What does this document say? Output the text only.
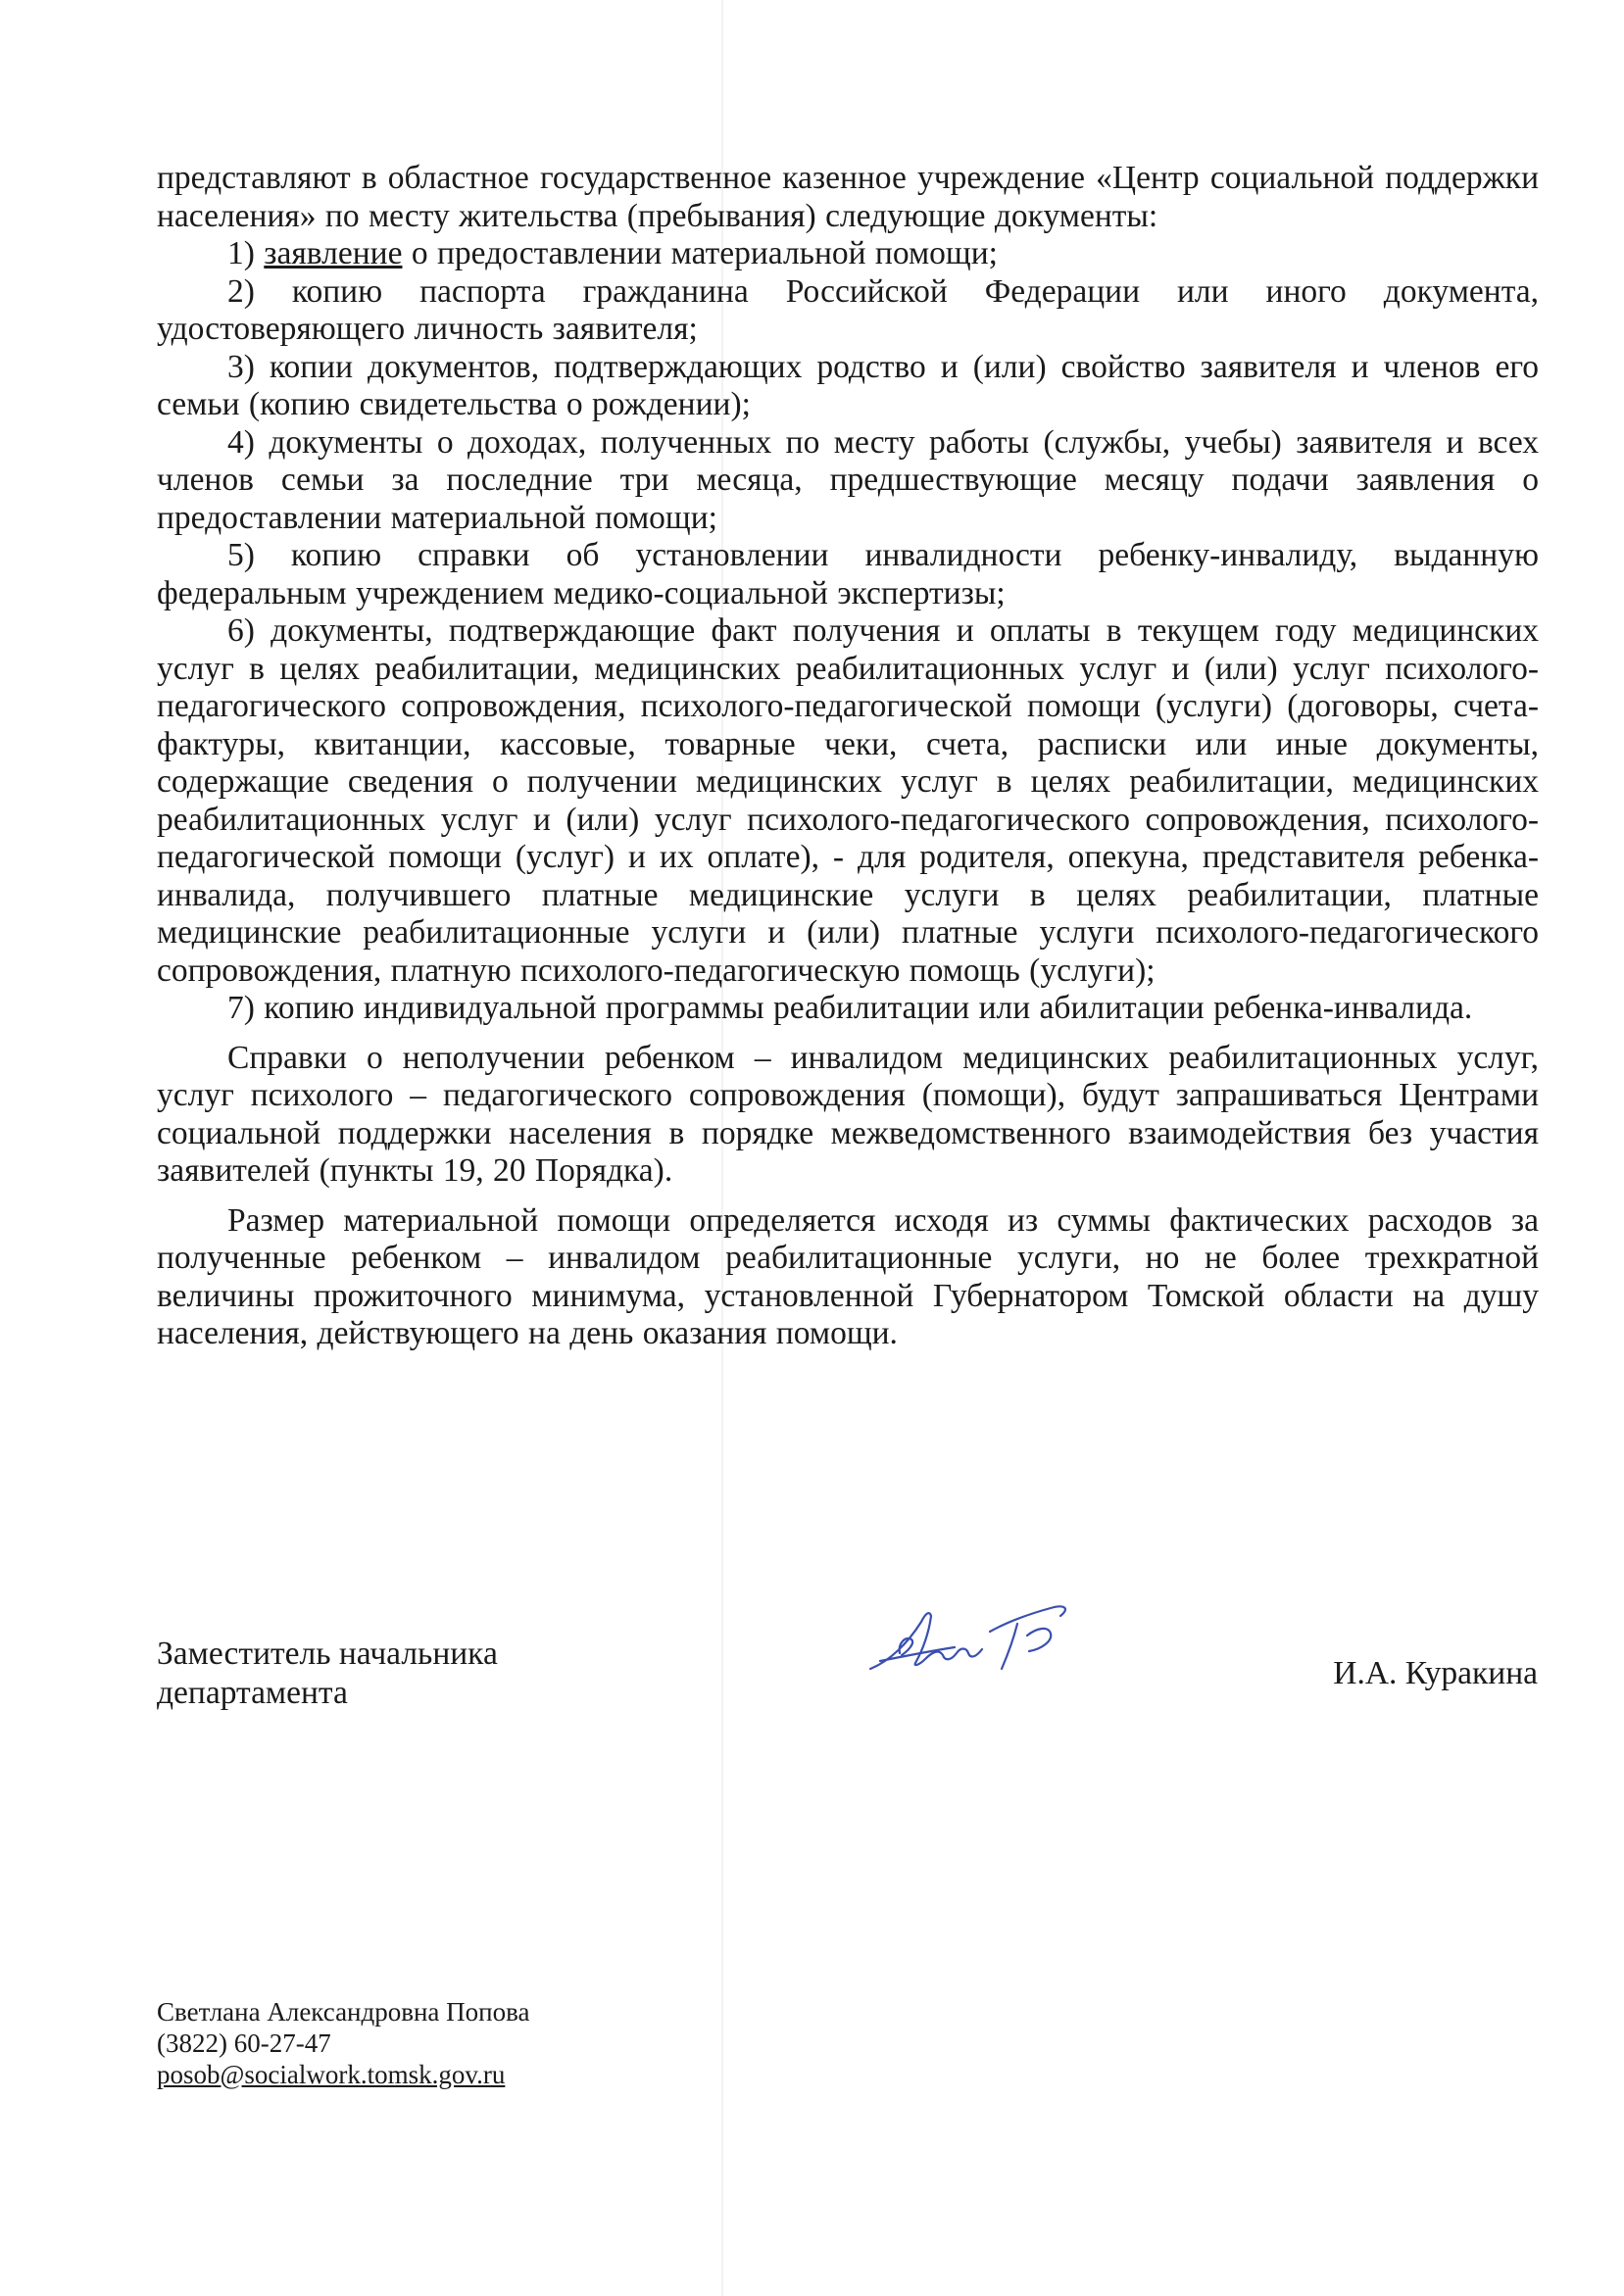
представляют в областное государственное казенное учреждение «Центр социальной поддержки населения» по месту жительства (пребывания) следующие документы:

1) заявление о предоставлении материальной помощи;

2) копию паспорта гражданина Российской Федерации или иного документа, удостоверяющего личность заявителя;

3) копии документов, подтверждающих родство и (или) свойство заявителя и членов его семьи (копию свидетельства о рождении);

4) документы о доходах, полученных по месту работы (службы, учебы) заявителя и всех членов семьи за последние три месяца, предшествующие месяцу подачи заявления о предоставлении материальной помощи;

5) копию справки об установлении инвалидности ребенку-инвалиду, выданную федеральным учреждением медико-социальной экспертизы;

6) документы, подтверждающие факт получения и оплаты в текущем году медицинских услуг в целях реабилитации, медицинских реабилитационных услуг и (или) услуг психолого-педагогического сопровождения, психолого-педагогической помощи (услуги) (договоры, счета-фактуры, квитанции, кассовые, товарные чеки, счета, расписки или иные документы, содержащие сведения о получении медицинских услуг в целях реабилитации, медицинских реабилитационных услуг и (или) услуг психолого-педагогического сопровождения, психолого-педагогической помощи (услуг) и их оплате), - для родителя, опекуна, представителя ребенка-инвалида, получившего платные медицинские услуги в целях реабилитации, платные медицинские реабилитационные услуги и (или) платные услуги психолого-педагогического сопровождения, платную психолого-педагогическую помощь (услуги);

7) копию индивидуальной программы реабилитации или абилитации ребенка-инвалида.

Справки о неполучении ребенком – инвалидом медицинских реабилитационных услуг, услуг психолого – педагогического сопровождения (помощи), будут запрашиваться Центрами социальной поддержки населения в порядке межведомственного взаимодействия без участия заявителей (пункты 19, 20 Порядка).

Размер материальной помощи определяется исходя из суммы фактических расходов за полученные ребенком – инвалидом реабилитационные услуги, но не более трехкратной величины прожиточного минимума, установленной Губернатором Томской области на душу населения, действующего на день оказания помощи.

Заместитель начальника
департамента
И.А. Куракина
Светлана Александровна Попова
(3822) 60-27-47
posob@socialwork.tomsk.gov.ru
